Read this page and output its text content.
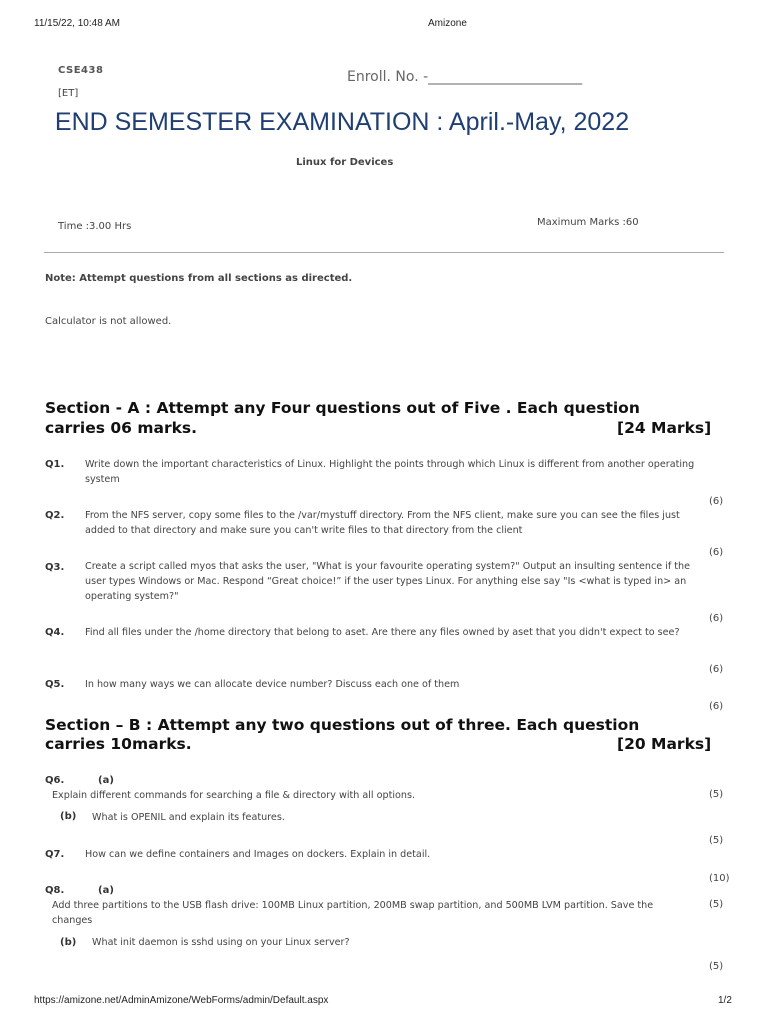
11/15/22, 10:48 AM	Amizone
CSE438
[ET]
Enroll. No. -______________________
END SEMESTER EXAMINATION : April.-May, 2022
Linux for Devices
Time :3.00 Hrs	Maximum Marks :60
Note: Attempt questions from all sections as directed.
Calculator is not allowed.
Section - A : Attempt any Four questions out of Five . Each question
carries 06 marks.	[24 Marks]
Q1. Write down the important characteristics of Linux. Highlight the points through which Linux is different from another operating system
(6)
Q2. From the NFS server, copy some files to the /var/mystuff directory. From the NFS client, make sure you can see the files just added to that directory and make sure you can't write files to that directory from the client
(6)
Q3. Create a script called myos that asks the user, "What is your favourite operating system?" Output an insulting sentence if the user types Windows or Mac. Respond “Great choice!” if the user types Linux. For anything else say "Is <what is typed in> an operating system?"
(6)
Q4. Find all files under the /home directory that belong to aset. Are there any files owned by aset that you didn't expect to see?
(6)
Q5. In how many ways we can allocate device number? Discuss each one of them
(6)
Section – B : Attempt any two questions out of three. Each question
carries 10marks.	[20 Marks]
Q6.	(a)
Explain different commands for searching a file & directory with all options.	(5)
(b) What is OPENIL and explain its features.
(5)
Q7. How can we define containers and Images on dockers. Explain in detail.
(10)
Q8.	(a)
Add three partitions to the USB flash drive: 100MB Linux partition, 200MB swap partition, and 500MB LVM partition. Save the changes
(5)
(b) What init daemon is sshd using on your Linux server?
(5)
https://amizone.net/AdminAmizone/WebForms/admin/Default.aspx	1/2
